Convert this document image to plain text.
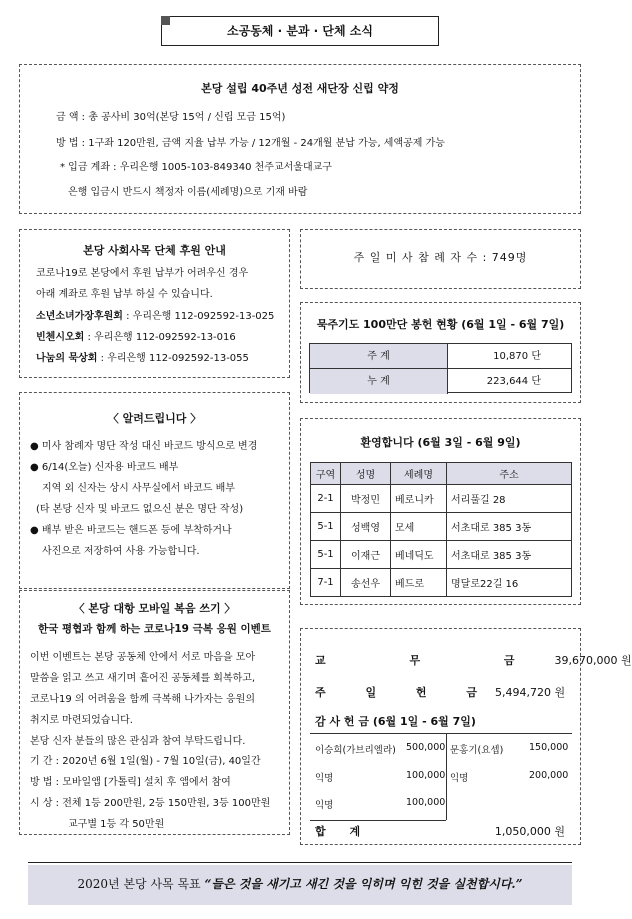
소공동체 · 분과 · 단체 소식
본당 설립 40주년 성전 새단장 신립 약정
금 액 : 총 공사비 30억(본당 15억 / 신립 모금 15억)
방 법 : 1구좌 120만원, 금액 지율 납부 가능 / 12개월 - 24개월 분납 가능, 세액공제 가능
* 입금 계좌 : 우리은행 1005-103-849340 천주교서울대교구
은행 입금시 반드시 책정자 이름(세례명)으로 기재 바람
본당 사회사목 단체 후원 안내
코로나19로 본당에서 후원 납부가 어려우신 경우
아래 계좌로 후원 납부 하실 수 있습니다.
소년소녀가장후원회 : 우리은행 112-092592-13-025
빈첸시오회 : 우리은행 112-092592-13-016
나눔의 묵상회 : 우리은행 112-092592-13-055
주 일 미 사 참 례 자 수 : 749명
묵주기도 100만단 봉헌 현황 (6월 1일 - 6월 7일)
주 계	10,870 단
누 계	223,644 단
〈 알려드립니다 〉
● 미사 참례자 명단 작성 대신 바코드 방식으로 변경
● 6/14(오늘) 신자용 바코드 배부
지역 외 신자는 상시 사무실에서 바코드 배부
(타 본당 신자 및 바코드 없으신 분은 명단 작성)
● 배부 받은 바코드는 핸드폰 등에 부착하거나
사진으로 저장하여 사용 가능합니다.
환영합니다 (6월 3일 - 6월 9일)
구역	성명	세례명	주소
2-1	박정민	베로니카	서리풀길 28
5-1	성백영	모세	서초대로 385 3동
5-1	이재근	베네딕도	서초대로 385 3동
7-1	송선우	베드로	명달로22길 16
〈 본당 대항 모바일 복음 쓰기 〉
한국 평협과 함께 하는 코로나19 극복 응원 이벤트
이번 이벤트는 본당 공동체 안에서 서로 마음을 모아
말씀을 읽고 쓰고 새기며 흩어진 공동체를 회복하고,
코로나19 의 어려움을 함께 극복해 나가자는 응원의
취지로 마련되었습니다.
본당 신자 분들의 많은 관심과 참여 부탁드립니다.
기 간 : 2020년 6월 1일(월) - 7월 10일(금), 40일간
방 법 : 모바일앱 [가톨릭] 설치 후 앱에서 참여
시 상 : 전체 1등 200만원, 2등 150만원, 3등 100만원
교구별 1등 각 50만원
교 무 금 39,670,000 원
주 일 헌 금 5,494,720 원
감 사 헌 금 (6월 1일 - 6월 7일)
이승희(가브리엘라) 500,000 문홍기(요셉)	150,000
익명	100,000 익명	200,000
익명	100,000
합 계	1,050,000 원
2020년 본당 사목 목표 “들은 것을 새기고 새긴 것을 익히며 익힌 것을 실천합시다.”
